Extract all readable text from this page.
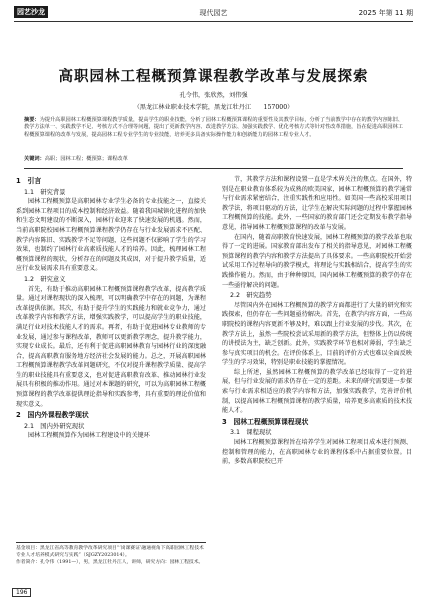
园艺沙龙	现代园艺	2025 年第 11 期
高职园林工程概预算课程教学改革与发展探索
孔令伟，张欣然，刘伟强
（黑龙江林业职业技术学院，黑龙江牡丹江　　157000）
摘要：为提升高职园林工程概预算课程教学质量，提高学生的职业技能，分析了园林工程概预算课程的重要性及其教学目标，分析了当前教学中存在的教学内容陈旧、教学方法单一、实践教学不足、考核方式不合理等问题，提出了更新教学内容、改进教学方法、加强实践教学、优化考核方式等针对性改革措施，旨在促进高职园林工程概预算课程的改革与发展，提高园林工程专业学生的专业技能，培养更多具备实际操作能力和创新能力的园林工程专业人才。
关键词：高职；园林工程；概预算；课程改革
1　引言
1.1　研究背景
园林工程概预算是高职园林专业学生必备的专业技能之一，直接关系到园林工程项目的成本控制和经济效益。随着我国城镇化进程的加快和生态文明建设的不断深入，园林行业迎来了快速发展的机遇。然而，当前高职院校园林工程概预算课程教学仍存在与行业发展需求不匹配、教学内容陈旧、实践教学不足等问题，这些问题不仅影响了学生的学习效果，也制约了园林行业高素质技能人才的培养。因此，梳理园林工程概预算课程的现状，分析存在的问题及其成因，对于提升教学质量，适应行业发展需求具有重要意义。
1.2　研究意义
首先，有助于推动高职园林工程概预算课程教学改革，提高教学质量。通过对课程现状的深入梳理，可以明确教学中存在的问题，为课程改革提供依据。其次，有助于提升学生的实践能力和就业竞争力，通过改革教学内容和教学方法，增强实践教学，可以提高学生的职业技能，满足行业对技术技能人才的需求。再者，有助于促进园林专业教师的专业发展，通过参与课程改革，教师可以更新教学理念，提升教学能力，实现专业成长。最后，还有利于促进高职园林教育与园林行业的深度融合，提高高职教育服务地方经济社会发展的能力。总之，开展高职园林工程概预算课程教学改革问题研究，不仅对提升课程教学质量、提高学生的职业技能具有重要意义，也对促进高职教育改革、推动园林行业发展具有积极的推动作用。通过对本课题的研究，可以为高职园林工程概预算课程的教学改革提供理论指导和实践参考，具有重要的理论价值和现实意义。
2　国内外课程教学现状
2.1　国内外研究现状
园林工程概预算作为园林工程建设中的关键环
节，其教学方法和课程设置一直是学术界关注的焦点。在国外，特别是在职业教育体系较为成熟的欧美国家，园林工程概预算的教学通常与行业需求紧密结合，注重实践性和应用性。如美国一些高校采用项目教学法，将项目驱动的方法，让学生在解决实际问题的过程中掌握园林工程概预算的技能。此外，一些国家的教育部门还会定期发布教学指导意见，指导园林工程概预算课程的改革与发展。
在国内，随着高职教育快速发展，园林工程概预算的教学改革也取得了一定的进展。国家教育部出发布了相关的指导意见，对园林工程概预算课程的教学内容和教学方法提出了具体要求。一些高职院校开始尝试采用工作过程导向的教学模式，将理论与实践相结合，提高学生的实践操作能力。然而，由于种种原因，国内园林工程概预算的教学仍存在一些亟待解决的问题。
2.2　研究趋势
尽管国内外在园林工程概预算的教学方面都进行了大量的研究和实践探索，但仍存在一些问题亟待解决。首先，在教学内容方面，一些高职院校的课程内容更新不够及时，难以跟上行业发展的步伐。其次，在教学方法上，虽然一些院校尝试采用新的教学方法，但整体上仍以传统的讲授法为主，缺乏创新。此外，实践教学环节也相对薄弱，学生缺乏参与真实项目的机会。在评价体系上，目前的评价方式也难以全面反映学生的学习效果，特别是职业技能的掌握情况。
综上所述，虽然园林工程概预算的教学改革已经取得了一定的进展，但与行业发展的需求仍存在一定的差距。未来的研究需要进一步探索与行业需求相适应的教学内容和方法，加强实践教学，完善评价机制，以提高园林工程概预算课程的教学质量，培养更多高素质的技术技能人才。
3　园林工程概预算课程现状
3.1　课程现状
园林工程概预算课程旨在培养学生对园林工程项目成本进行预测、控制和管理的能力，在高职园林专业的课程体系中占据重要位置。目前，多数高职院校已开
基金项目：黑龙江省高等教育教学改革研究项目“‘岗课赛证’融通视角下高职园林工程技术专业人才培养模式研究与实践”（SJGZY2023014）。
作者简介：孔令伟（1991—），男，黑龙江牡丹江人，讲师，研究方向：园林工程技术。
196
